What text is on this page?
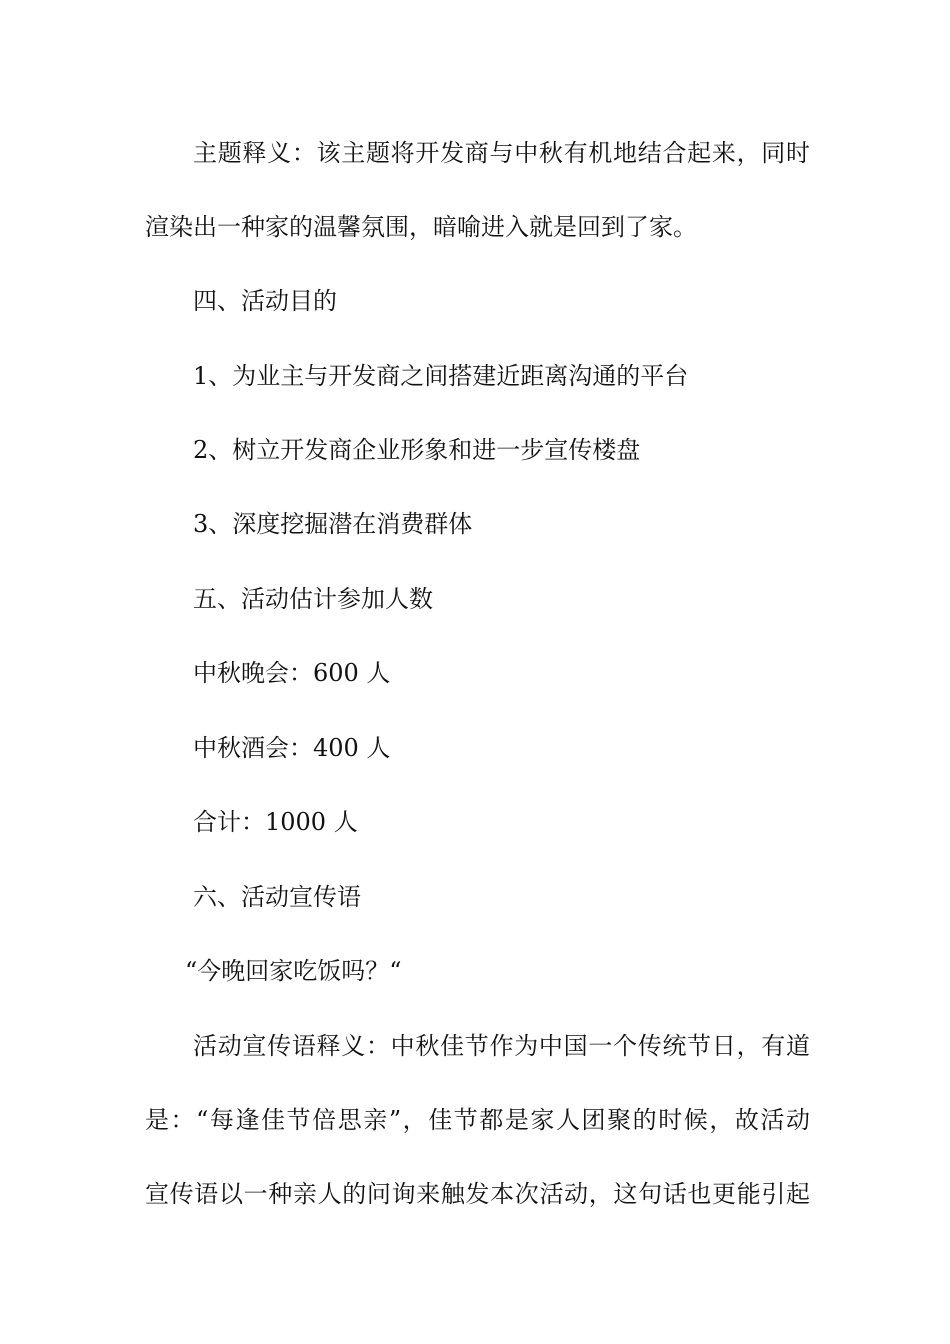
主题释义：该主题将开发商与中秋有机地结合起来，同时
渲染出一种家的温馨氛围，暗喻进入就是回到了家。
四、活动目的
1、为业主与开发商之间搭建近距离沟通的平台
2、树立开发商企业形象和进一步宣传楼盘
3、深度挖掘潜在消费群体
五、活动估计参加人数
中秋晚会：600 人
中秋酒会：400 人
合计：1000 人
六、活动宣传语
“今晚回家吃饭吗？“
活动宣传语释义：中秋佳节作为中国一个传统节日，有道
是：“每逢佳节倍思亲”，佳节都是家人团聚的时候，故活动
宣传语以一种亲人的问询来触发本次活动，这句话也更能引起
